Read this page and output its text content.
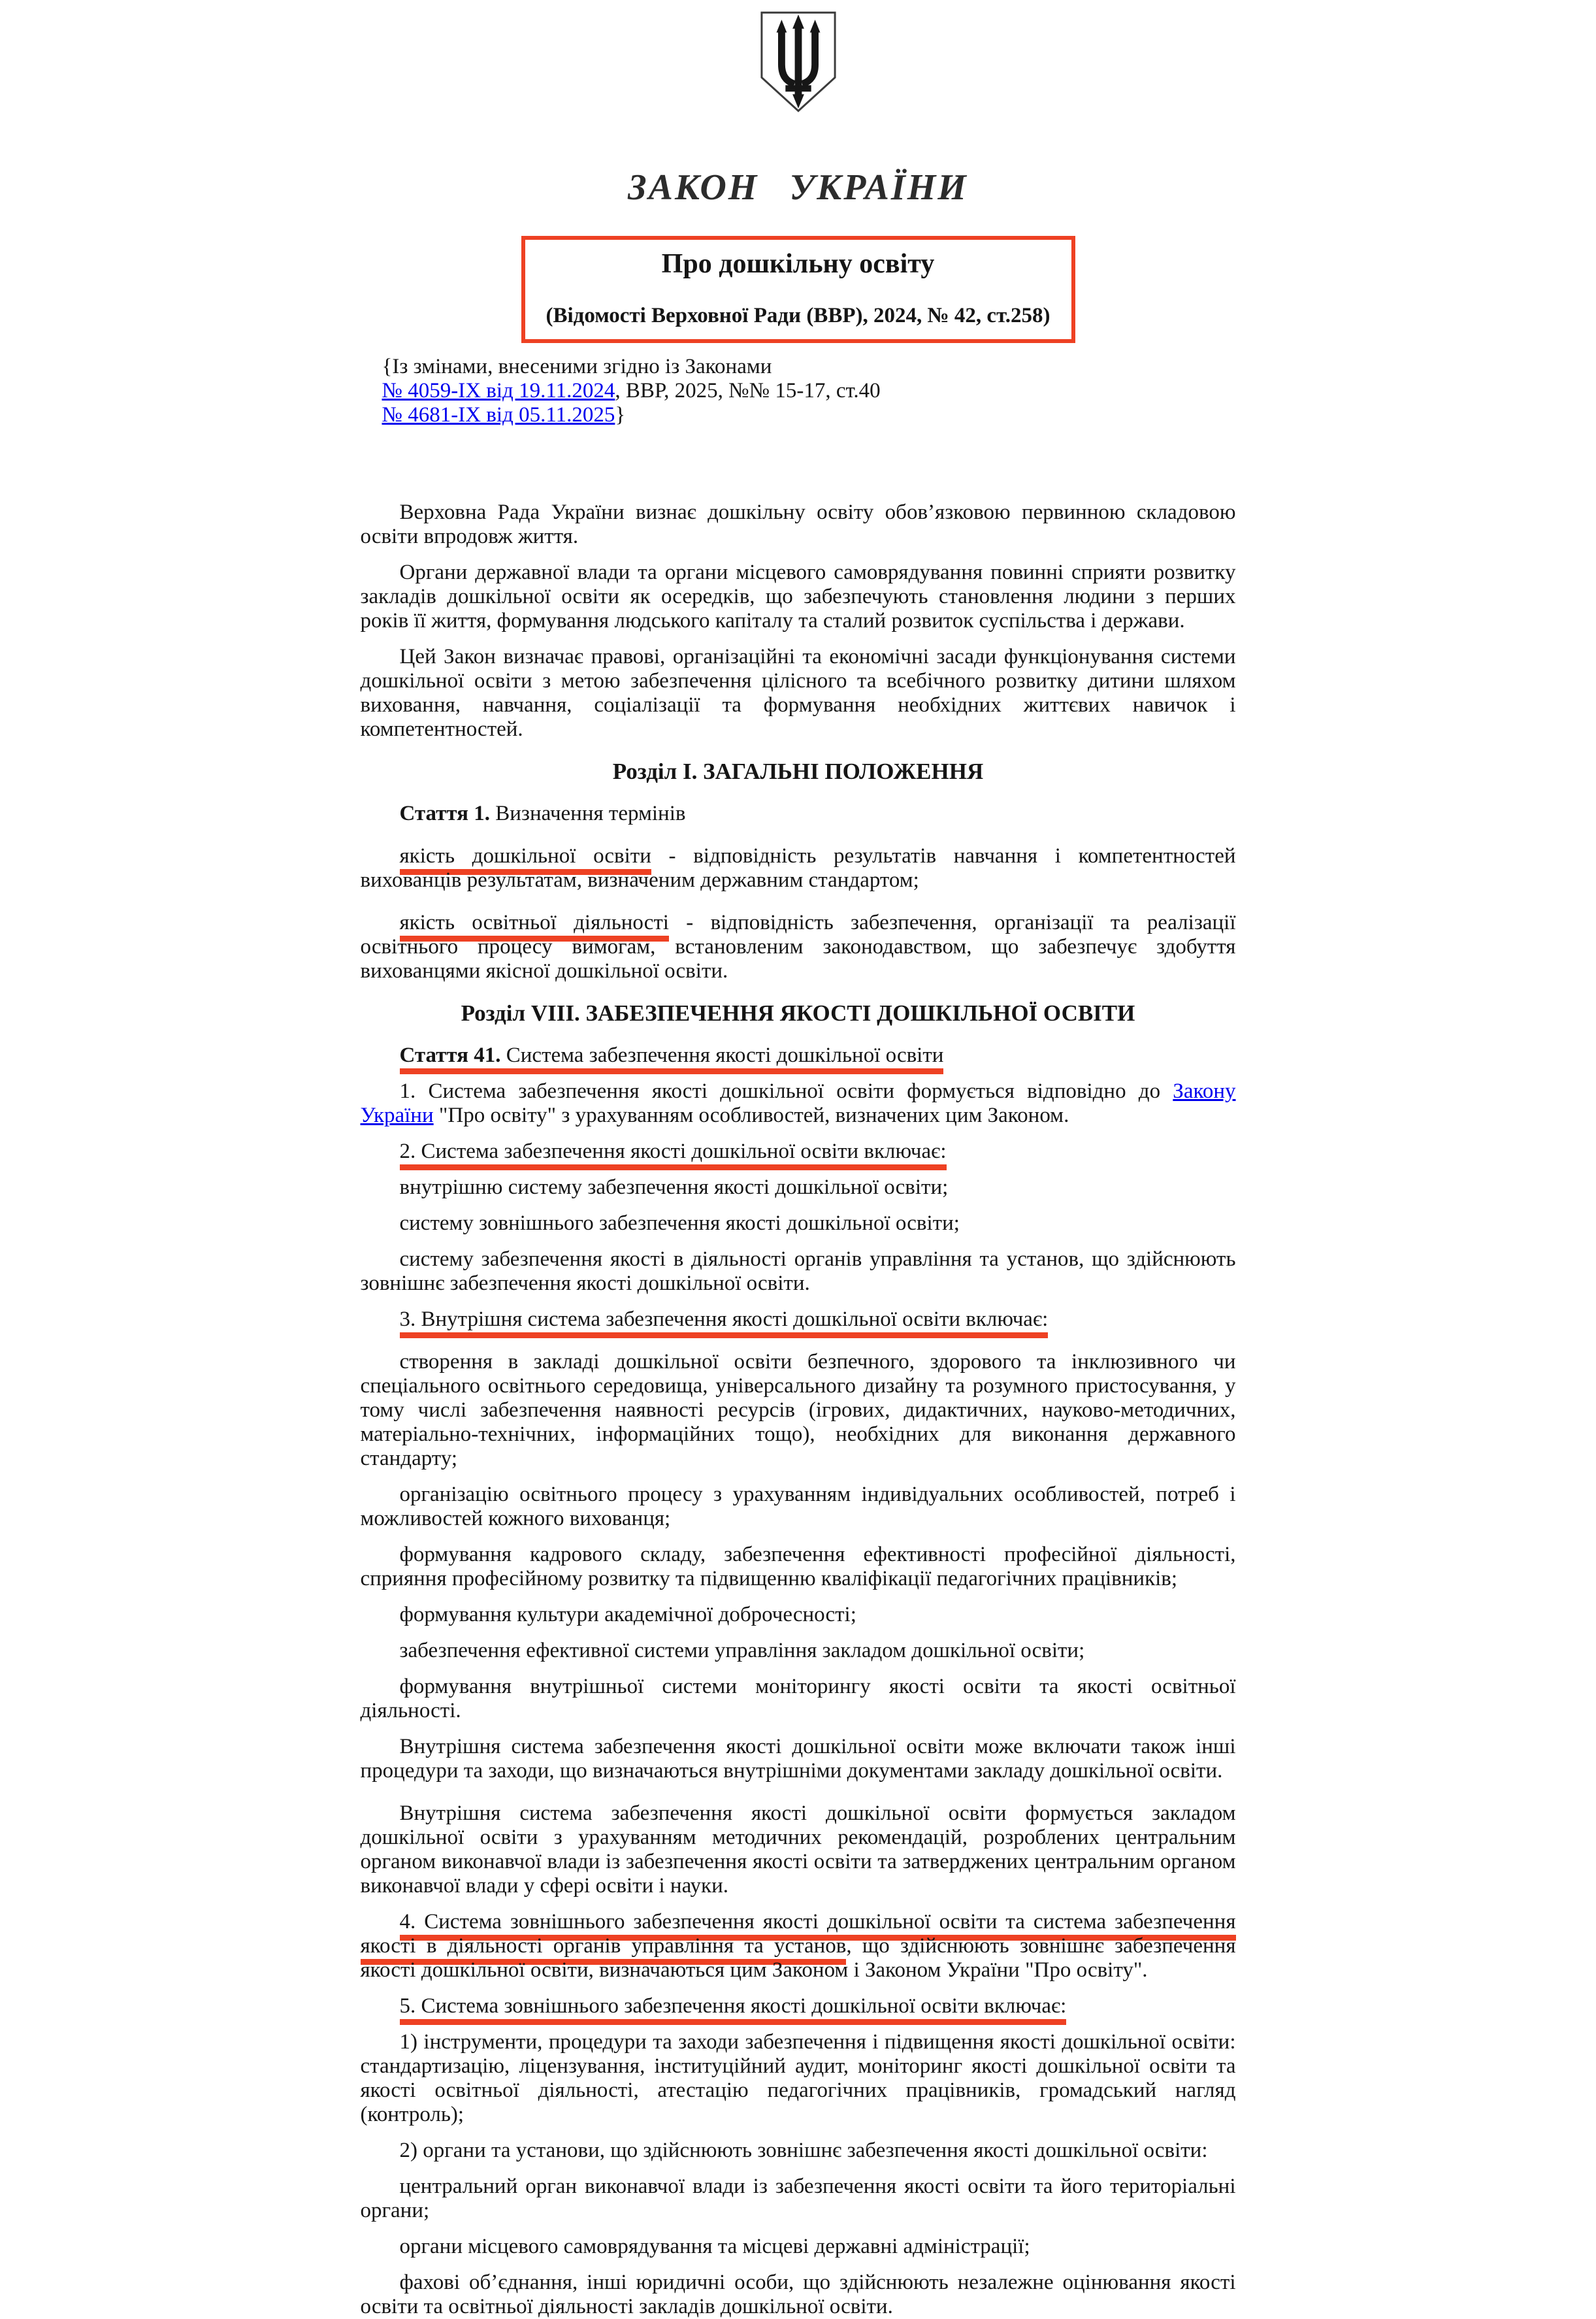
ЗАКОН УКРАЇНИ

Про дошкільну освіту

(Відомості Верховної Ради (ВВР), 2024, № 42, ст.258)

{Із змінами, внесеними згідно із Законами
№ 4059-IX від 19.11.2024, ВВР, 2025, №№ 15-17, ст.40
№ 4681-IX від 05.11.2025}

Верховна Рада України визнає дошкільну освіту обов’язковою первинною складовою освіти впродовж життя.

Органи державної влади та органи місцевого самоврядування повинні сприяти розвитку закладів дошкільної освіти як осередків, що забезпечують становлення людини з перших років її життя, формування людського капіталу та сталий розвиток суспільства і держави.

Цей Закон визначає правові, організаційні та економічні засади функціонування системи дошкільної освіти з метою забезпечення цілісного та всебічного розвитку дитини шляхом виховання, навчання, соціалізації та формування необхідних життєвих навичок і компетентностей.

Розділ I. ЗАГАЛЬНІ ПОЛОЖЕННЯ

Стаття 1. Визначення термінів

якість дошкільної освіти - відповідність результатів навчання і компетентностей вихованців результатам, визначеним державним стандартом;

якість освітньої діяльності - відповідність забезпечення, організації та реалізації освітнього процесу вимогам, встановленим законодавством, що забезпечує здобуття вихованцями якісної дошкільної освіти.

Розділ VIII. ЗАБЕЗПЕЧЕННЯ ЯКОСТІ ДОШКІЛЬНОЇ ОСВІТИ

Стаття 41. Система забезпечення якості дошкільної освіти

1. Система забезпечення якості дошкільної освіти формується відповідно до Закону України "Про освіту" з урахуванням особливостей, визначених цим Законом.

2. Система забезпечення якості дошкільної освіти включає:

внутрішню систему забезпечення якості дошкільної освіти;

систему зовнішнього забезпечення якості дошкільної освіти;

систему забезпечення якості в діяльності органів управління та установ, що здійснюють зовнішнє забезпечення якості дошкільної освіти.

3. Внутрішня система забезпечення якості дошкільної освіти включає:

створення в закладі дошкільної освіти безпечного, здорового та інклюзивного чи спеціального освітнього середовища, універсального дизайну та розумного пристосування, у тому числі забезпечення наявності ресурсів (ігрових, дидактичних, науково-методичних, матеріально-технічних, інформаційних тощо), необхідних для виконання державного стандарту;

організацію освітнього процесу з урахуванням індивідуальних особливостей, потреб і можливостей кожного вихованця;

формування кадрового складу, забезпечення ефективності професійної діяльності, сприяння професійному розвитку та підвищенню кваліфікації педагогічних працівників;

формування культури академічної доброчесності;

забезпечення ефективної системи управління закладом дошкільної освіти;

формування внутрішньої системи моніторингу якості освіти та якості освітньої діяльності.

Внутрішня система забезпечення якості дошкільної освіти може включати також інші процедури та заходи, що визначаються внутрішніми документами закладу дошкільної освіти.

Внутрішня система забезпечення якості дошкільної освіти формується закладом дошкільної освіти з урахуванням методичних рекомендацій, розроблених центральним органом виконавчої влади із забезпечення якості освіти та затверджених центральним органом виконавчої влади у сфері освіти і науки.

4. Система зовнішнього забезпечення якості дошкільної освіти та система забезпечення якості в діяльності органів управління та установ, що здійснюють зовнішнє забезпечення якості дошкільної освіти, визначаються цим Законом і Законом України "Про освіту".

5. Система зовнішнього забезпечення якості дошкільної освіти включає:

1) інструменти, процедури та заходи забезпечення і підвищення якості дошкільної освіти: стандартизацію, ліцензування, інституційний аудит, моніторинг якості дошкільної освіти та якості освітньої діяльності, атестацію педагогічних працівників, громадський нагляд (контроль);

2) органи та установи, що здійснюють зовнішнє забезпечення якості дошкільної освіти:

центральний орган виконавчої влади із забезпечення якості освіти та його територіальні органи;

органи місцевого самоврядування та місцеві державні адміністрації;

фахові об’єднання, інші юридичні особи, що здійснюють незалежне оцінювання якості освіти та освітньої діяльності закладів дошкільної освіти.
